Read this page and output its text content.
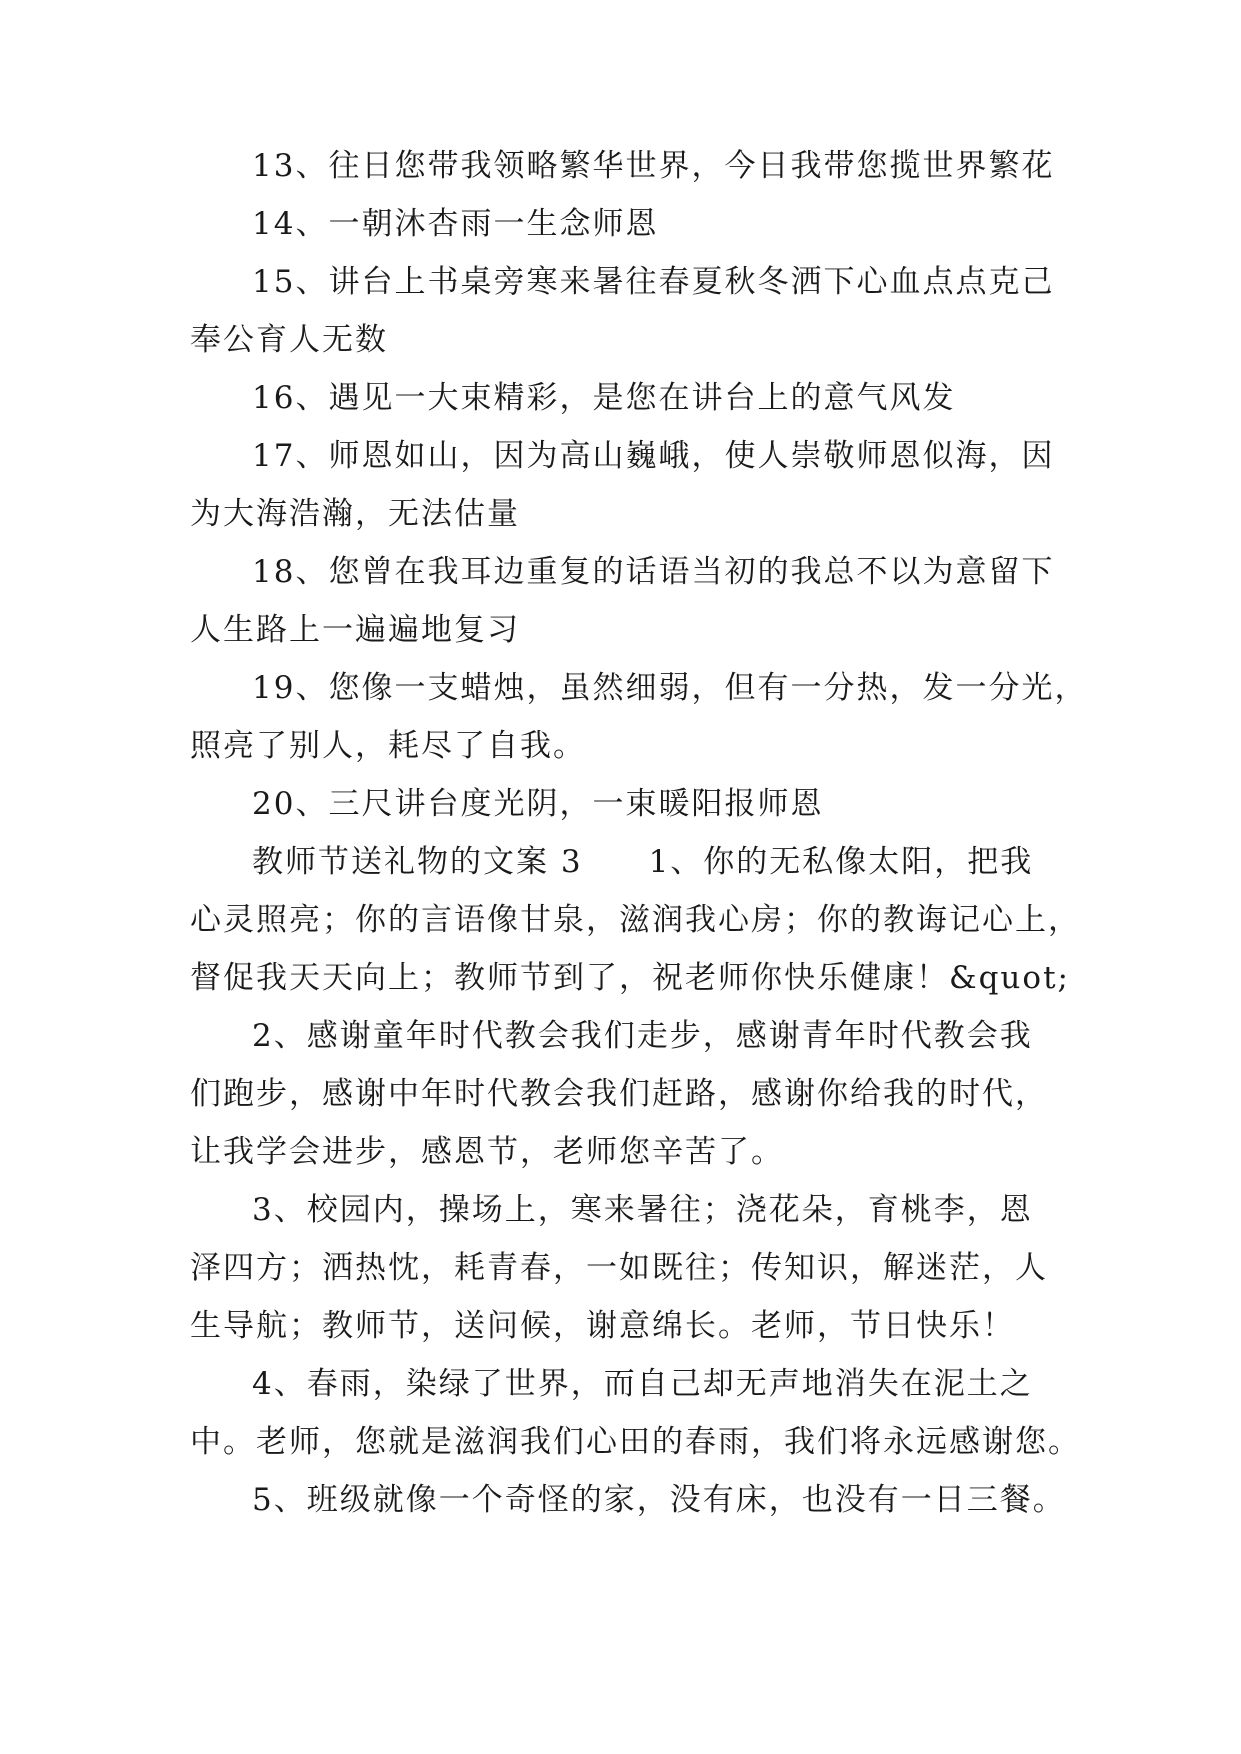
13、往日您带我领略繁华世界，今日我带您揽世界繁花
14、一朝沐杏雨一生念师恩
15、讲台上书桌旁寒来暑往春夏秋冬洒下心血点点克己
奉公育人无数
16、遇见一大束精彩，是您在讲台上的意气风发
17、师恩如山，因为高山巍峨，使人崇敬师恩似海，因
为大海浩瀚，无法估量
18、您曾在我耳边重复的话语当初的我总不以为意留下
人生路上一遍遍地复习
19、您像一支蜡烛，虽然细弱，但有一分热，发一分光，
照亮了别人，耗尽了自我。
20、三尺讲台度光阴，一束暖阳报师恩
教师节送礼物的文案 3　　1、你的无私像太阳，把我
心灵照亮；你的言语像甘泉，滋润我心房；你的教诲记心上，
督促我天天向上；教师节到了，祝老师你快乐健康！&quot;
2、感谢童年时代教会我们走步，感谢青年时代教会我
们跑步，感谢中年时代教会我们赶路，感谢你给我的时代，
让我学会进步，感恩节，老师您辛苦了。
3、校园内，操场上，寒来暑往；浇花朵，育桃李，恩
泽四方；洒热忱，耗青春，一如既往；传知识，解迷茫，人
生导航；教师节，送问候，谢意绵长。老师，节日快乐！
4、春雨，染绿了世界，而自己却无声地消失在泥土之
中。老师，您就是滋润我们心田的春雨，我们将永远感谢您。
5、班级就像一个奇怪的家，没有床，也没有一日三餐。
